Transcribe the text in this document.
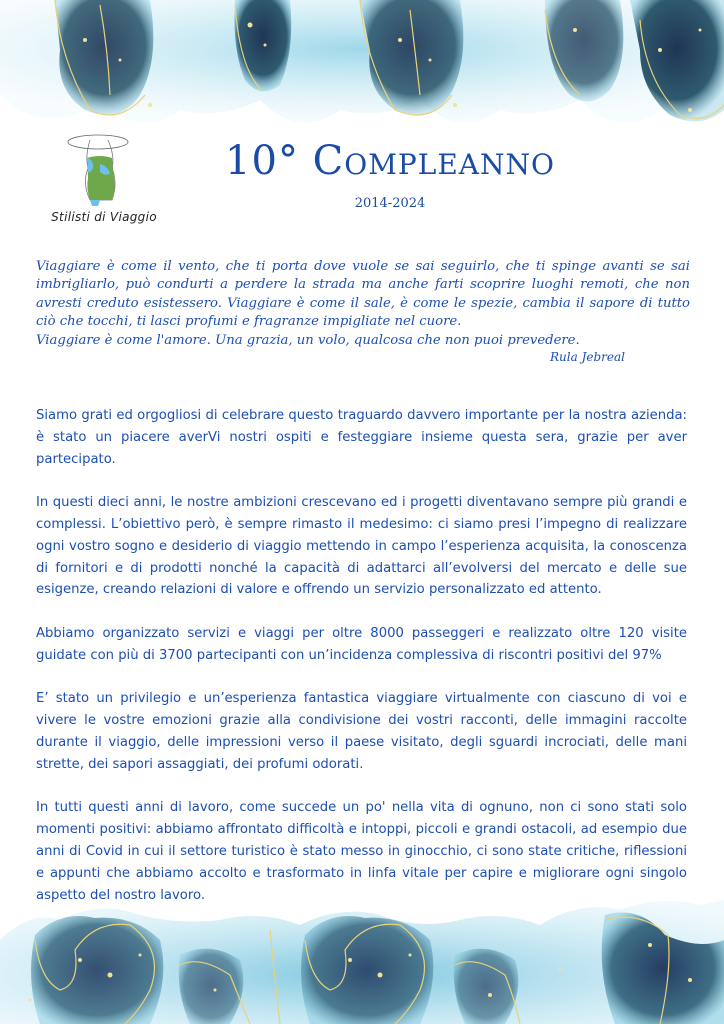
Stilisti di Viaggio
10° Compleanno
2014-2024

Viaggiare è come il vento, che ti porta dove vuole se sai seguirlo, che ti spinge avanti se sai imbrigliarlo, può condurti a perdere la strada ma anche farti scoprire luoghi remoti, che non avresti creduto esistessero. Viaggiare è come il sale, è come le spezie, cambia il sapore di tutto ciò che tocchi, ti lasci profumi e fragranze impigliate nel cuore.

Viaggiare è come l'amore. Una grazia, un volo, qualcosa che non puoi prevedere.

Rula Jebreal

Siamo grati ed orgogliosi di celebrare questo traguardo davvero importante per la nostra azienda: è stato un piacere averVi nostri ospiti e festeggiare insieme questa sera, grazie per aver partecipato.

In questi dieci anni, le nostre ambizioni crescevano ed i progetti diventavano sempre più grandi e complessi. L’obiettivo però, è sempre rimasto il medesimo: ci siamo presi l’impegno di realizzare ogni vostro sogno e desiderio di viaggio mettendo in campo l’esperienza acquisita, la conoscenza di fornitori e di prodotti nonché la capacità di adattarci all’evolversi del mercato e delle sue esigenze, creando relazioni di valore e offrendo un servizio personalizzato ed attento.

Abbiamo organizzato servizi e viaggi per oltre 8000 passeggeri e realizzato oltre 120 visite guidate con più di 3700 partecipanti con un’incidenza complessiva di riscontri positivi del 97%

E’ stato un privilegio e un’esperienza fantastica viaggiare virtualmente con ciascuno di voi e vivere le vostre emozioni grazie alla condivisione dei vostri racconti, delle immagini raccolte durante il viaggio, delle impressioni verso il paese visitato, degli sguardi incrociati, delle mani strette, dei sapori assaggiati, dei profumi odorati.

In tutti questi anni di lavoro, come succede un po' nella vita di ognuno, non ci sono stati solo momenti positivi: abbiamo affrontato difficoltà e intoppi, piccoli e grandi ostacoli, ad esempio due anni di Covid in cui il settore turistico è stato messo in ginocchio, ci sono state critiche, riflessioni e appunti che abbiamo accolto e trasformato in linfa vitale per capire e migliorare ogni singolo aspetto del nostro lavoro.
